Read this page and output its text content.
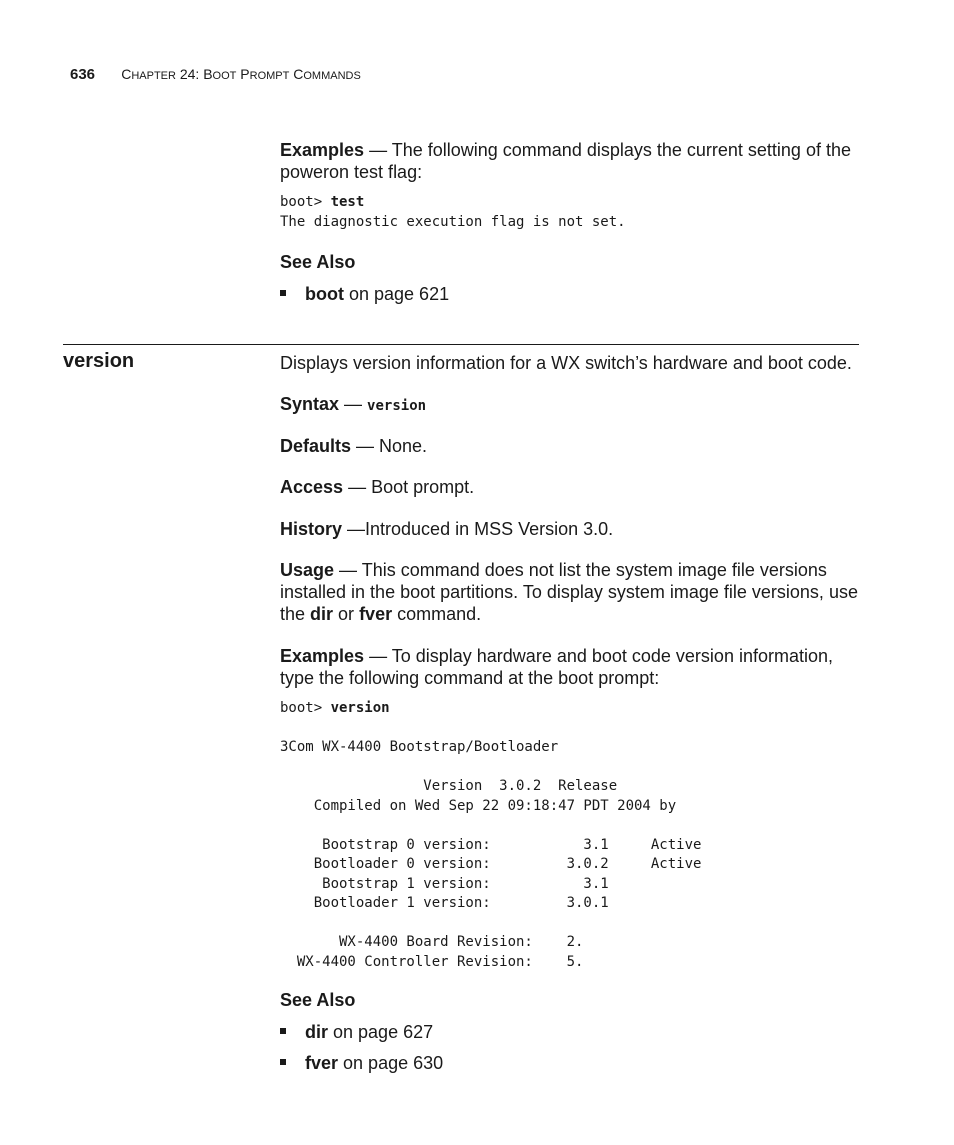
636 CHAPTER 24: BOOT PROMPT COMMANDS
Examples — The following command displays the current setting of the poweron test flag:
boot> test
The diagnostic execution flag is not set.
See Also
boot on page 621
version	Displays version information for a WX switch’s hardware and boot code.
Syntax — version
Defaults — None.
Access — Boot prompt.
History —Introduced in MSS Version 3.0.
Usage — This command does not list the system image file versions installed in the boot partitions. To display system image file versions, use the dir or fver command.
Examples — To display hardware and boot code version information, type the following command at the boot prompt:
boot> version

3Com WX-4400 Bootstrap/Bootloader

Version  3.0.2  Release
Compiled on Wed Sep 22 09:18:47 PDT 2004 by

Bootstrap 0 version:           3.1     Active
Bootloader 0 version:         3.0.2     Active
Bootstrap 1 version:           3.1
Bootloader 1 version:         3.0.1

WX-4400 Board Revision:    2.
WX-4400 Controller Revision:    5.
See Also
dir on page 627
fver on page 630
